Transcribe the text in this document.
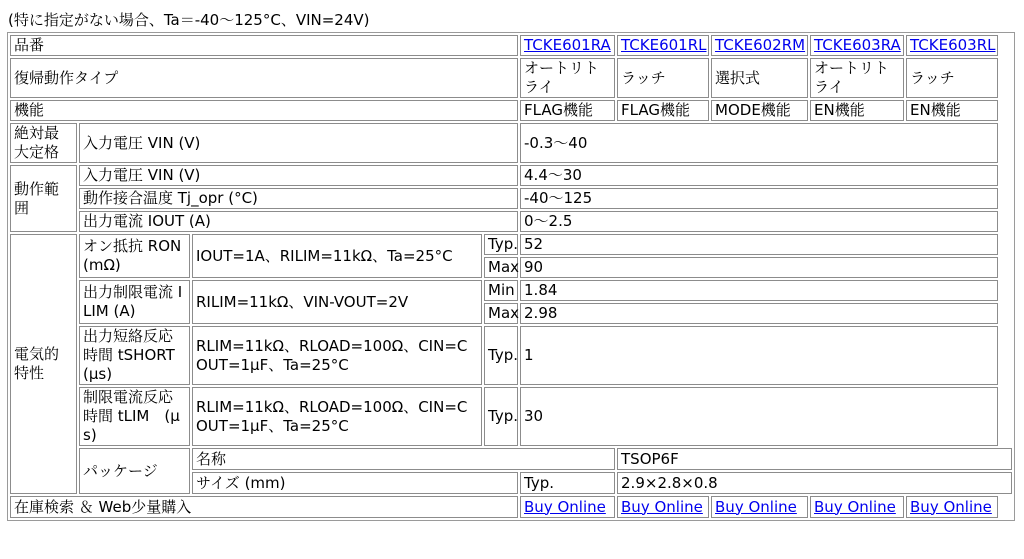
(特に指定がない場合、Ta＝-40～125°C、VIN=24V)
品番				TCKE601RA	TCKE601RL	TCKE602RM	TCKE603RA	TCKE603RL
復帰動作タイプ				オートリトライ	ラッチ	選択式	オートリトライ	ラッチ
機能				FLAG機能	FLAG機能	MODE機能	EN機能	EN機能
絶対最大定格	入力電圧 VIN (V)			-0.3～40				
動作範囲	入力電圧 VIN (V)			4.4～30				
	動作接合温度 Tj_opr (°C)			-40～125				
	出力電流 IOUT (A)			0～2.5				
電気的特性	オン抵抗 RON (mΩ)	IOUT=1A、RILIM=11kΩ、Ta=25°C	Typ.	52				
			Max	90				
	出力制限電流 ILIM (A)	RILIM=11kΩ、VIN-VOUT=2V	Min	1.84				
			Max	2.98				
	出力短絡反応時間 tSHORT　(μs)	RLIM=11kΩ、RLOAD=100Ω、CIN=COUT=1μF、Ta=25°C	Typ.	1				
	制限電流反応時間 tLIM　(μs)	RLIM=11kΩ、RLOAD=100Ω、CIN=COUT=1μF、Ta=25°C	Typ.	30				
	パッケージ	名称			TSOP6F			
		サイズ (mm)		Typ.	2.9×2.8×0.8			
在庫検索 ＆ Web少量購入				Buy Online	Buy Online	Buy Online	Buy Online	Buy Online
